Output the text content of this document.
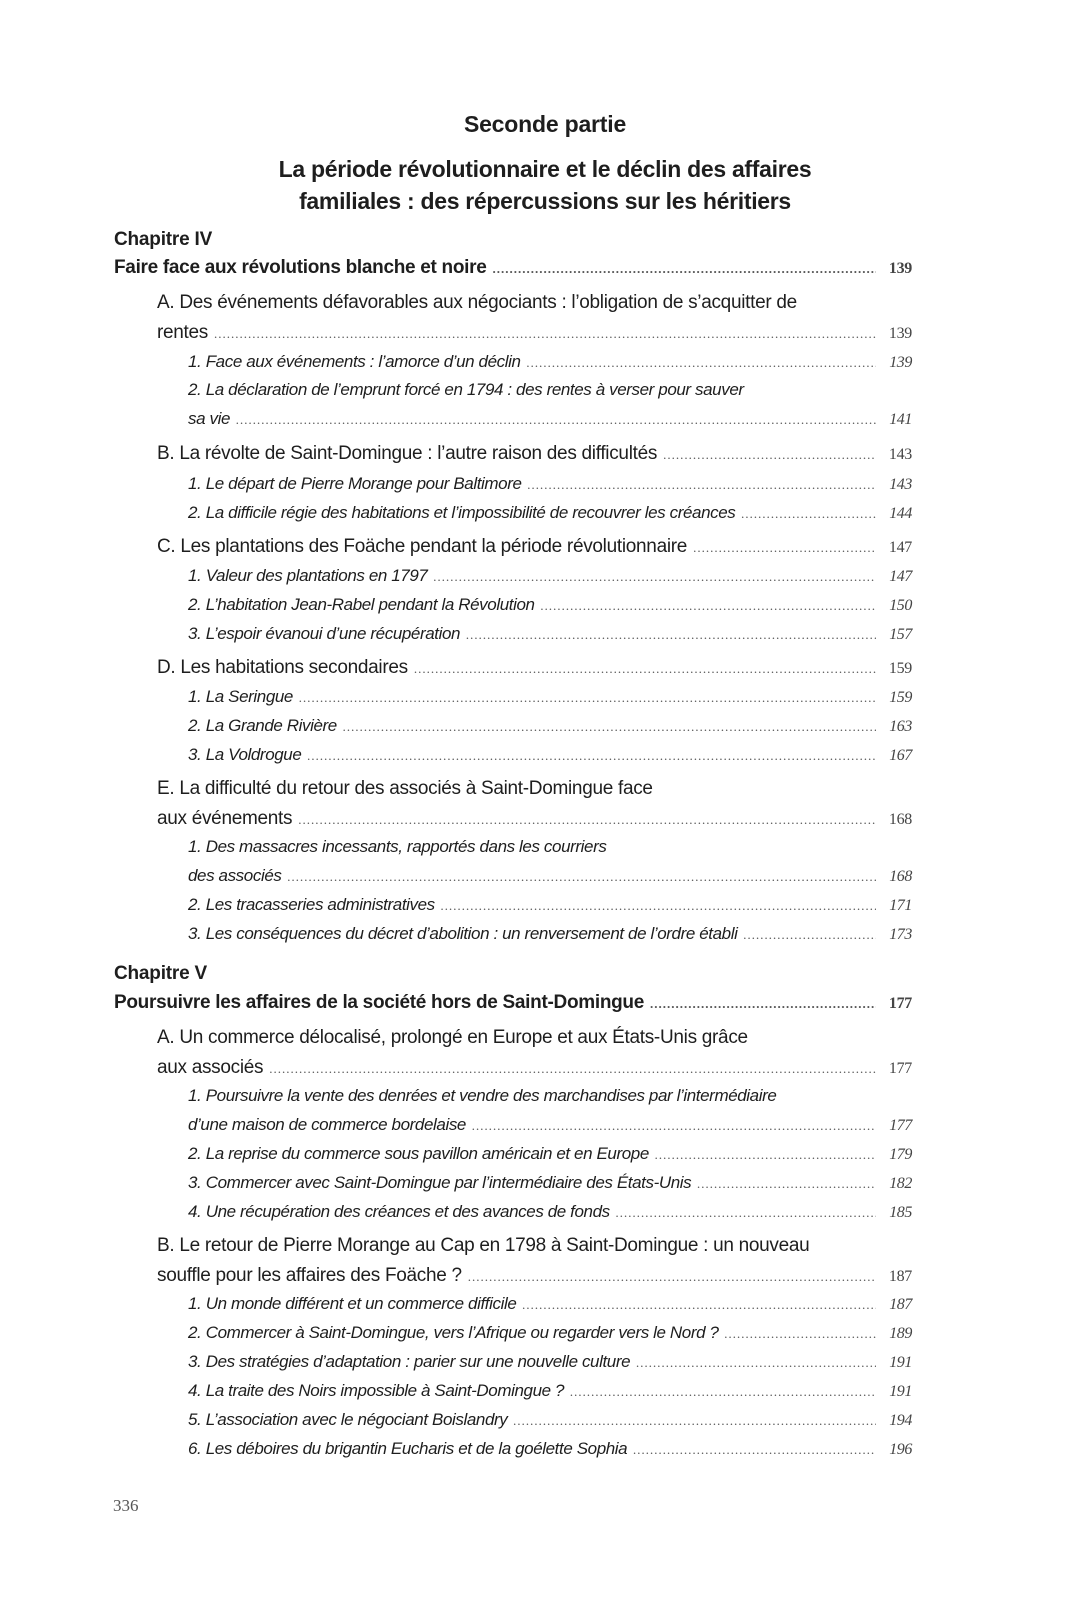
Seconde partie
La période révolutionnaire et le déclin des affaires
familiales : des répercussions sur les héritiers
Chapitre IV
Faire face aux révolutions blanche et noire .....	139
A. Des événements défavorables aux négociants : l’obligation de s’acquitter de
rentes .....	139
1. Face aux événements : l’amorce d’un déclin .....	139
2. La déclaration de l’emprunt forcé en 1794 : des rentes à verser pour sauver
sa vie .....	141
B. La révolte de Saint-Domingue : l’autre raison des difficultés .....	143
1. Le départ de Pierre Morange pour Baltimore .....	143
2. La difficile régie des habitations et l’impossibilité de recouvrer les créances .....	144
C. Les plantations des Foäche pendant la période révolutionnaire .....	147
1. Valeur des plantations en 1797 .....	147
2. L’habitation Jean-Rabel pendant la Révolution .....	150
3. L’espoir évanoui d’une récupération .....	157
D. Les habitations secondaires .....	159
1. La Seringue .....	159
2. La Grande Rivière .....	163
3. La Voldrogue .....	167
E. La difficulté du retour des associés à Saint-Domingue face
aux événements .....	168
1. Des massacres incessants, rapportés dans les courriers
des associés .....	168
2. Les tracasseries administratives .....	171
3. Les conséquences du décret d’abolition : un renversement de l’ordre établi .....	173
Chapitre V
Poursuivre les affaires de la société hors de Saint-Domingue .....	177
A. Un commerce délocalisé, prolongé en Europe et aux États-Unis grâce
aux associés .....	177
1. Poursuivre la vente des denrées et vendre des marchandises par l’intermédiaire
d’une maison de commerce bordelaise .....	177
2. La reprise du commerce sous pavillon américain et en Europe .....	179
3. Commercer avec Saint-Domingue par l’intermédiaire des États-Unis .....	182
4. Une récupération des créances et des avances de fonds .....	185
B. Le retour de Pierre Morange au Cap en 1798 à Saint-Domingue : un nouveau
souffle pour les affaires des Foäche ? .....	187
1. Un monde différent et un commerce difficile .....	187
2. Commercer à Saint-Domingue, vers l’Afrique ou regarder vers le Nord ? .....	189
3. Des stratégies d’adaptation : parier sur une nouvelle culture .....	191
4. La traite des Noirs impossible à Saint-Domingue ? .....	191
5. L’association avec le négociant Boislandry .....	194
6. Les déboires du brigantin Eucharis et de la goélette Sophia .....	196
336
